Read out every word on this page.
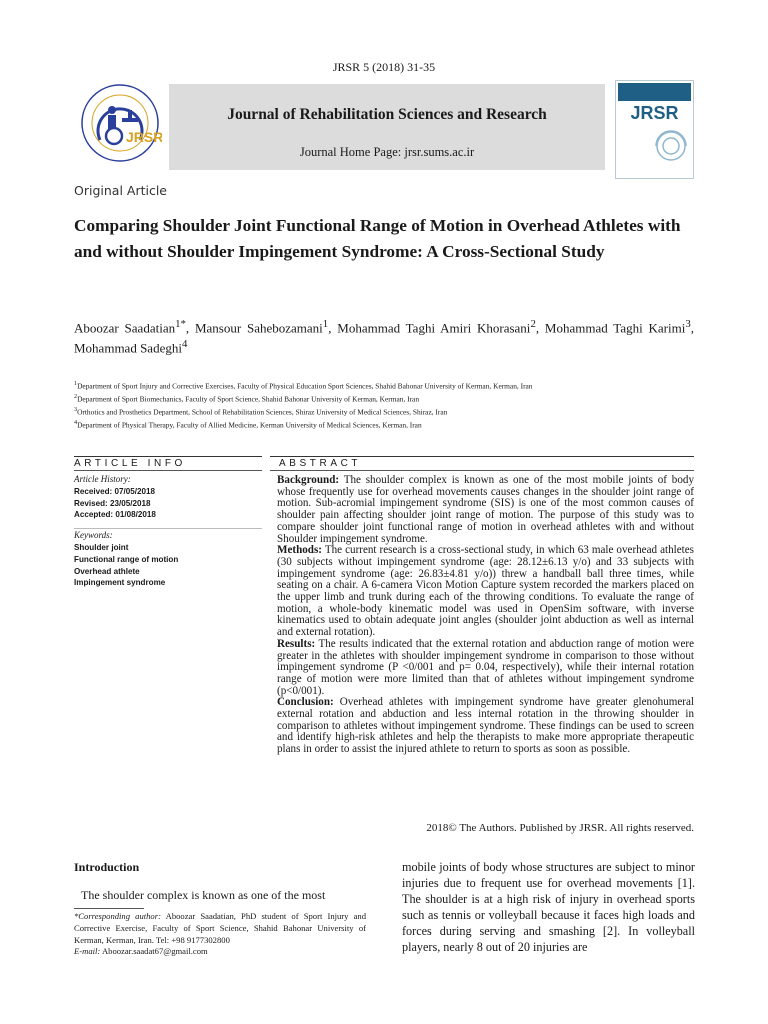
JRSR 5 (2018) 31-35
JRSR
Journal of Rehabilitation Sciences and Research
Journal Home Page: jrsr.sums.ac.ir
JRSR
Original Article
Comparing Shoulder Joint Functional Range of Motion in Overhead Athletes with and without Shoulder Impingement Syndrome: A Cross-Sectional Study
Aboozar Saadatian$^{1*}$, Mansour Sahebozamani$^1$, Mohammad Taghi Amiri Khorasani$^2$, Mohammad Taghi Karimi$^3$, Mohammad Sadeghi$^4$
$^1$Department of Sport Injury and Corrective Exercises, Faculty of Physical Education Sport Sciences, Shahid Bahonar University of Kerman, Kerman, Iran
$^2$Department of Sport Biomechanics, Faculty of Sport Science, Shahid Bahonar University of Kerman, Kerman, Iran
$^3$Orthotics and Prosthetics Department, School of Rehabilitation Sciences, Shiraz University of Medical Sciences, Shiraz, Iran
$^4$Department of Physical Therapy, Faculty of Allied Medicine, Kerman University of Medical Sciences, Kerman, Iran
ARTICLE INFO	ABSTRACT
Article History:
Received: 07/05/2018
Revised: 23/05/2018
Accepted: 01/08/2018
Keywords:
Shoulder joint
Functional range of motion
Overhead athlete
Impingement syndrome

Background: The shoulder complex is known as one of the most mobile joints of body whose frequently use for overhead movements causes changes in the shoulder joint range of motion. Sub-acromial impingement syndrome (SIS) is one of the most common causes of shoulder pain affecting shoulder joint range of motion. The purpose of this study was to compare shoulder joint functional range of motion in overhead athletes with and without Shoulder impingement syndrome.

Methods: The current research is a cross-sectional study, in which 63 male overhead athletes (30 subjects without impingement syndrome (age: 28.12±6.13 y/o) and 33 subjects with impingement syndrome (age: 26.83±4.81 y/o)) threw a handball ball three times, while seating on a chair. A 6-camera Vicon Motion Capture system recorded the markers placed on the upper limb and trunk during each of the throwing conditions. To evaluate the range of motion, a whole-body kinematic model was used in OpenSim software, with inverse kinematics used to obtain adequate joint angles (shoulder joint abduction as well as internal and external rotation).

Results: The results indicated that the external rotation and abduction range of motion were greater in the athletes with shoulder impingement syndrome in comparison to those without impingement syndrome (P <0/001 and p= 0.04, respectively), while their internal rotation range of motion were more limited than that of athletes without impingement syndrome (p<0/001).

Conclusion: Overhead athletes with impingement syndrome have greater glenohumeral external rotation and abduction and less internal rotation in the throwing shoulder in comparison to athletes without impingement syndrome. These findings can be used to screen and identify high-risk athletes and help the therapists to make more appropriate therapeutic plans in order to assist the injured athlete to return to sports as soon as possible.

2018© The Authors. Published by JRSR. All rights reserved.
Introduction
The shoulder complex is known as one of the most
*Corresponding author: Aboozar Saadatian, PhD student of Sport Injury and Corrective Exercise, Faculty of Sport Science, Shahid Bahonar University of Kerman, Kerman, Iran. Tel: +98 9177302800
E-mail: Aboozar.saadat67@gmail.com
mobile joints of body whose structures are subject to minor injuries due to frequent use for overhead movements [1]. The shoulder is at a high risk of injury in overhead sports such as tennis or volleyball because it faces high loads and forces during serving and smashing [2]. In volleyball players, nearly 8 out of 20 injuries are
